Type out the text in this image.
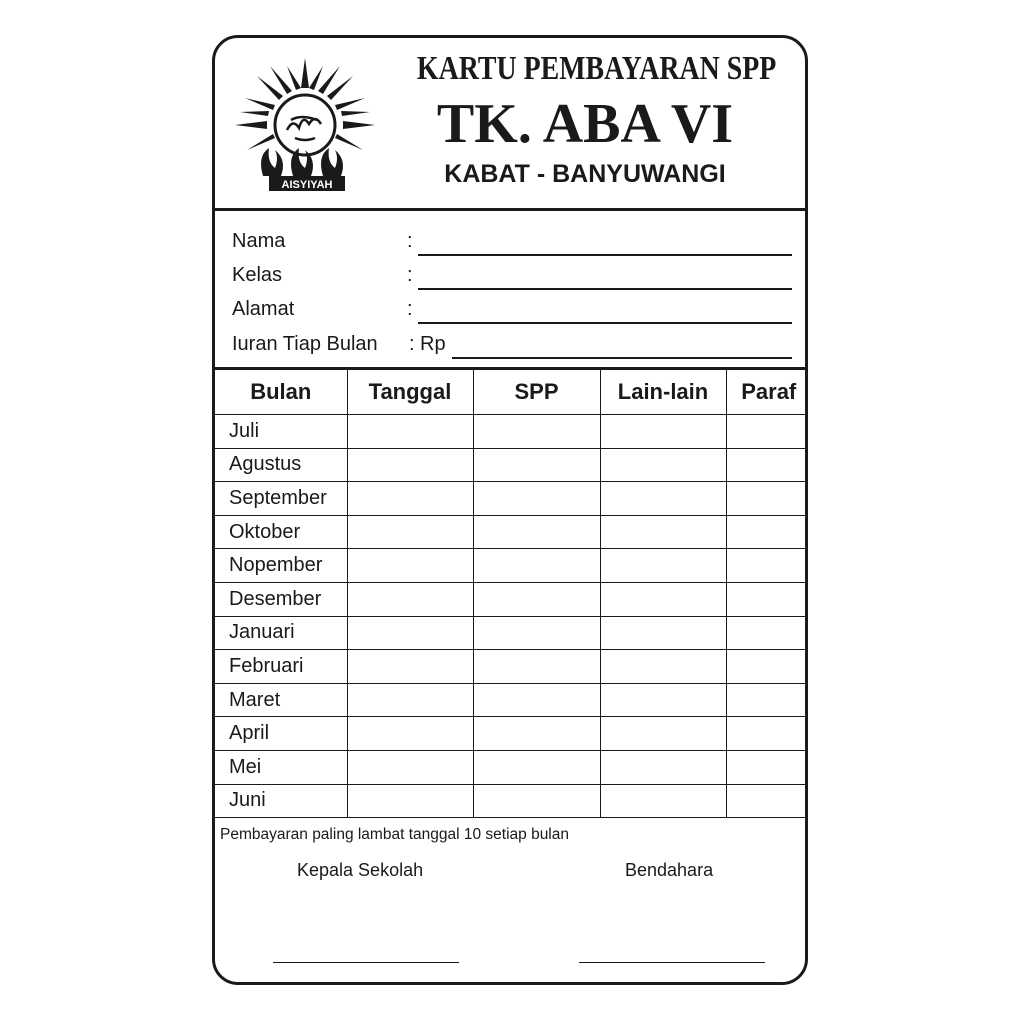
AISYIYAH
KARTU PEMBAYARAN SPP
TK. ABA VI
KABAT - BANYUWANGI
Nama	:
Kelas	:
Alamat	:
Iuran Tiap Bulan : Rp
Bulan	Tanggal	SPP	Lain-lain	Paraf
Juli				
Agustus				
September				
Oktober				
Nopember				
Desember				
Januari				
Februari				
Maret				
April				
Mei				
Juni				
Pembayaran paling lambat tanggal 10 setiap bulan
Kepala Sekolah	Bendahara
